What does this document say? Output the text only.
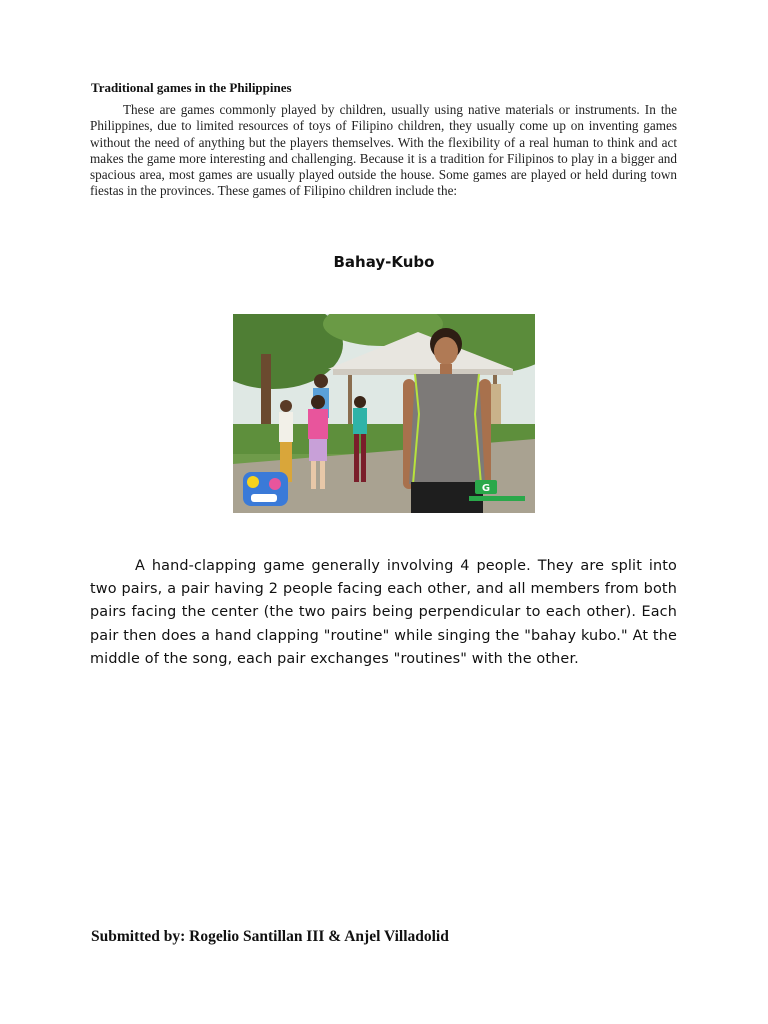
Traditional games in the Philippines

These are games commonly played by children, usually using native materials or instruments. In the Philippines, due to limited resources of toys of Filipino children, they usually come up on inventing games without the need of anything but the players themselves. With the flexibility of a real human to think and act makes the game more interesting and challenging. Because it is a tradition for Filipinos to play in a bigger and spacious area, most games are usually played outside the house. Some games are played or held during town fiestas in the provinces. These games of Filipino children include the:

Bahay-Kubo
G

A hand-clapping game generally involving 4 people. They are split into two pairs, a pair having 2 people facing each other, and all members from both pairs facing the center (the two pairs being perpendicular to each other). Each pair then does a hand clapping "routine" while singing the "bahay kubo." At the middle of the song, each pair exchanges "routines" with the other.

Submitted by: Rogelio Santillan III & Anjel Villadolid
